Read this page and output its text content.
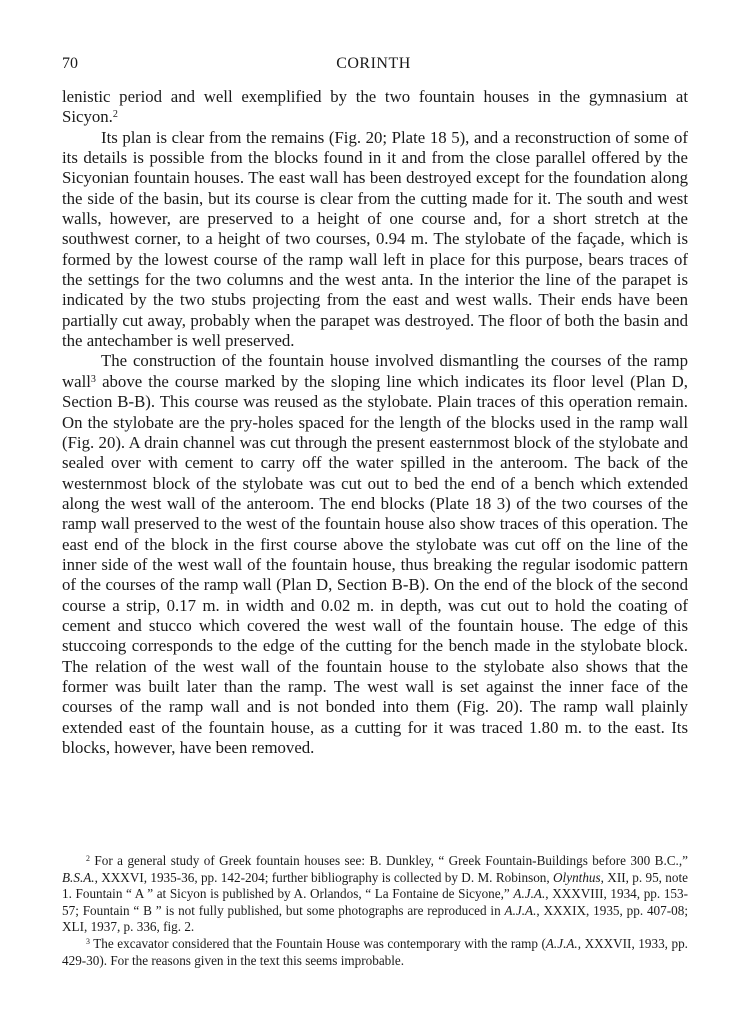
70	CORINTH

lenistic period and well exemplified by the two fountain houses in the gymnasium at Sicyon.$^2$

Its plan is clear from the remains (Fig. 20; Plate 18 5), and a reconstruction of some of its details is possible from the blocks found in it and from the close parallel offered by the Sicyonian fountain houses. The east wall has been destroyed except for the foundation along the side of the basin, but its course is clear from the cutting made for it. The south and west walls, however, are preserved to a height of one course and, for a short stretch at the southwest corner, to a height of two courses, 0.94 m. The stylobate of the façade, which is formed by the lowest course of the ramp wall left in place for this purpose, bears traces of the settings for the two columns and the west anta. In the interior the line of the parapet is indicated by the two stubs projecting from the east and west walls. Their ends have been partially cut away, probably when the parapet was destroyed. The floor of both the basin and the antechamber is well preserved.

The construction of the fountain house involved dismantling the courses of the ramp wall$^3$ above the course marked by the sloping line which indicates its floor level (Plan D, Section B-B). This course was reused as the stylobate. Plain traces of this operation remain. On the stylobate are the pry-holes spaced for the length of the blocks used in the ramp wall (Fig. 20). A drain channel was cut through the present easternmost block of the stylobate and sealed over with cement to carry off the water spilled in the anteroom. The back of the westernmost block of the stylobate was cut out to bed the end of a bench which extended along the west wall of the anteroom. The end blocks (Plate 18 3) of the two courses of the ramp wall preserved to the west of the fountain house also show traces of this operation. The east end of the block in the first course above the stylobate was cut off on the line of the inner side of the west wall of the fountain house, thus breaking the regular isodomic pattern of the courses of the ramp wall (Plan D, Section B-B). On the end of the block of the second course a strip, 0.17 m. in width and 0.02 m. in depth, was cut out to hold the coating of cement and stucco which covered the west wall of the fountain house. The edge of this stuccoing corresponds to the edge of the cutting for the bench made in the stylobate block. The relation of the west wall of the fountain house to the stylobate also shows that the former was built later than the ramp. The west wall is set against the inner face of the courses of the ramp wall and is not bonded into them (Fig. 20). The ramp wall plainly extended east of the fountain house, as a cutting for it was traced 1.80 m. to the east. Its blocks, however, have been removed.

$^2$ For a general study of Greek fountain houses see: B. Dunkley, “ Greek Fountain-Buildings before 300 B.C.,” B.S.A., XXXVI, 1935-36, pp. 142-204; further bibliography is collected by D. M. Robinson, Olynthus, XII, p. 95, note 1. Fountain “ A ” at Sicyon is published by A. Orlandos, “ La Fontaine de Sicyone,” A.J.A., XXXVIII, 1934, pp. 153-57; Fountain “ B ” is not fully published, but some photographs are reproduced in A.J.A., XXXIX, 1935, pp. 407-08; XLI, 1937, p. 336, fig. 2.

$^3$ The excavator considered that the Fountain House was contemporary with the ramp (A.J.A., XXXVII, 1933, pp. 429-30). For the reasons given in the text this seems improbable.
